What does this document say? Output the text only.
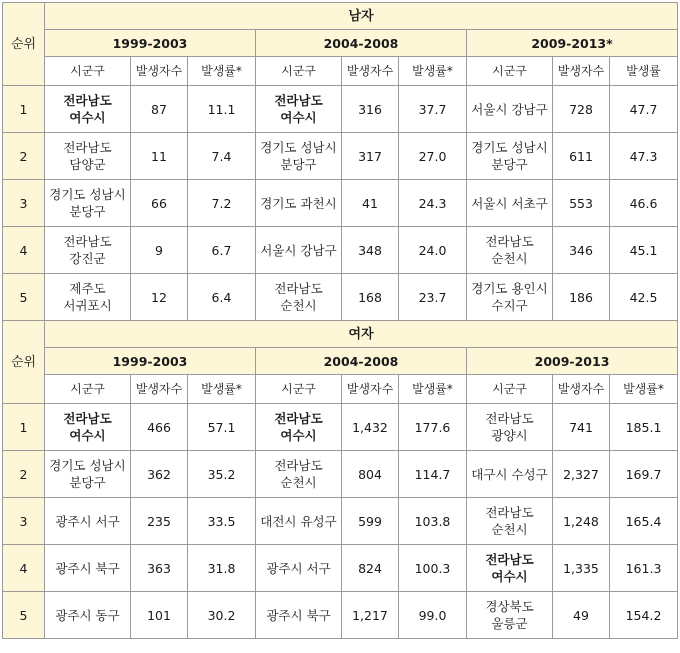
순위	남자								
	1999-2003			2004-2008			2009-2013*		
	시군구	발생자수	발생률*	시군구	발생자수	발생률*	시군구	발생자수	발생률
1	전라남도 여수시	87	11.1	전라남도 여수시	316	37.7	서울시 강남구	728	47.7
2	전라남도 담양군	11	7.4	경기도 성남시 분당구	317	27.0	경기도 성남시 분당구	611	47.3
3	경기도 성남시 분당구	66	7.2	경기도 과천시	41	24.3	서울시 서초구	553	46.6
4	전라남도 강진군	9	6.7	서울시 강남구	348	24.0	전라남도 순천시	346	45.1
5	제주도 서귀포시	12	6.4	전라남도 순천시	168	23.7	경기도 용인시 수지구	186	42.5
순위	여자								
	1999-2003			2004-2008			2009-2013		
	시군구	발생자수	발생률*	시군구	발생자수	발생률*	시군구	발생자수	발생률*
1	전라남도 여수시	466	57.1	전라남도 여수시	1,432	177.6	전라남도 광양시	741	185.1
2	경기도 성남시 분당구	362	35.2	전라남도 순천시	804	114.7	대구시 수성구	2,327	169.7
3	광주시 서구	235	33.5	대전시 유성구	599	103.8	전라남도 순천시	1,248	165.4
4	광주시 북구	363	31.8	광주시 서구	824	100.3	전라남도 여수시	1,335	161.3
5	광주시 동구	101	30.2	광주시 북구	1,217	99.0	경상북도 울릉군	49	154.2
